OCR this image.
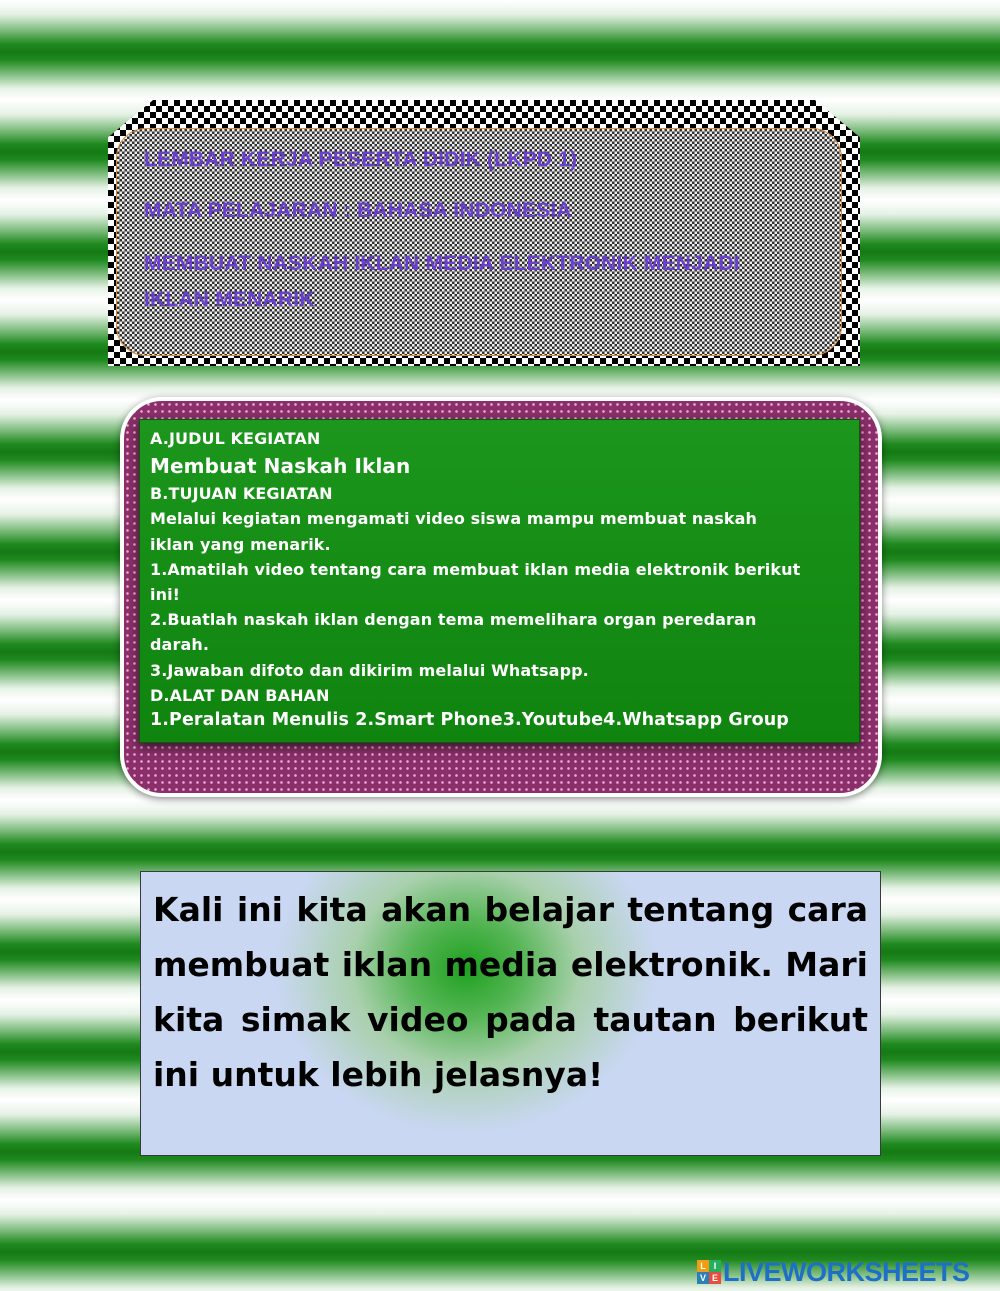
LEMBAR KERJA PESERTA DIDIK (LKPD 1)

MATA PELAJARAN : BAHASA INDONESIA

MEMBUAT NASKAH IKLAN MEDIA ELEKTRONIK MENJADI

IKLAN MENARIK

A.JUDUL KEGIATAN

Membuat Naskah Iklan

B.TUJUAN KEGIATAN

Melalui kegiatan mengamati video siswa mampu membuat naskah

iklan yang menarik.

1.Amatilah video tentang cara membuat iklan media elektronik berikut

ini!

2.Buatlah naskah iklan dengan tema memelihara organ peredaran

darah.

3.Jawaban difoto dan dikirim melalui Whatsapp.

D.ALAT DAN BAHAN

1.Peralatan Menulis 2.Smart Phone3.Youtube4.Whatsapp Group

Kali ini kita akan belajar tentang cara membuat iklan media elektronik. Mari kita simak video pada tautan berikut ini untuk lebih jelasnya!

L I
V E LIVEWORKSHEETS
